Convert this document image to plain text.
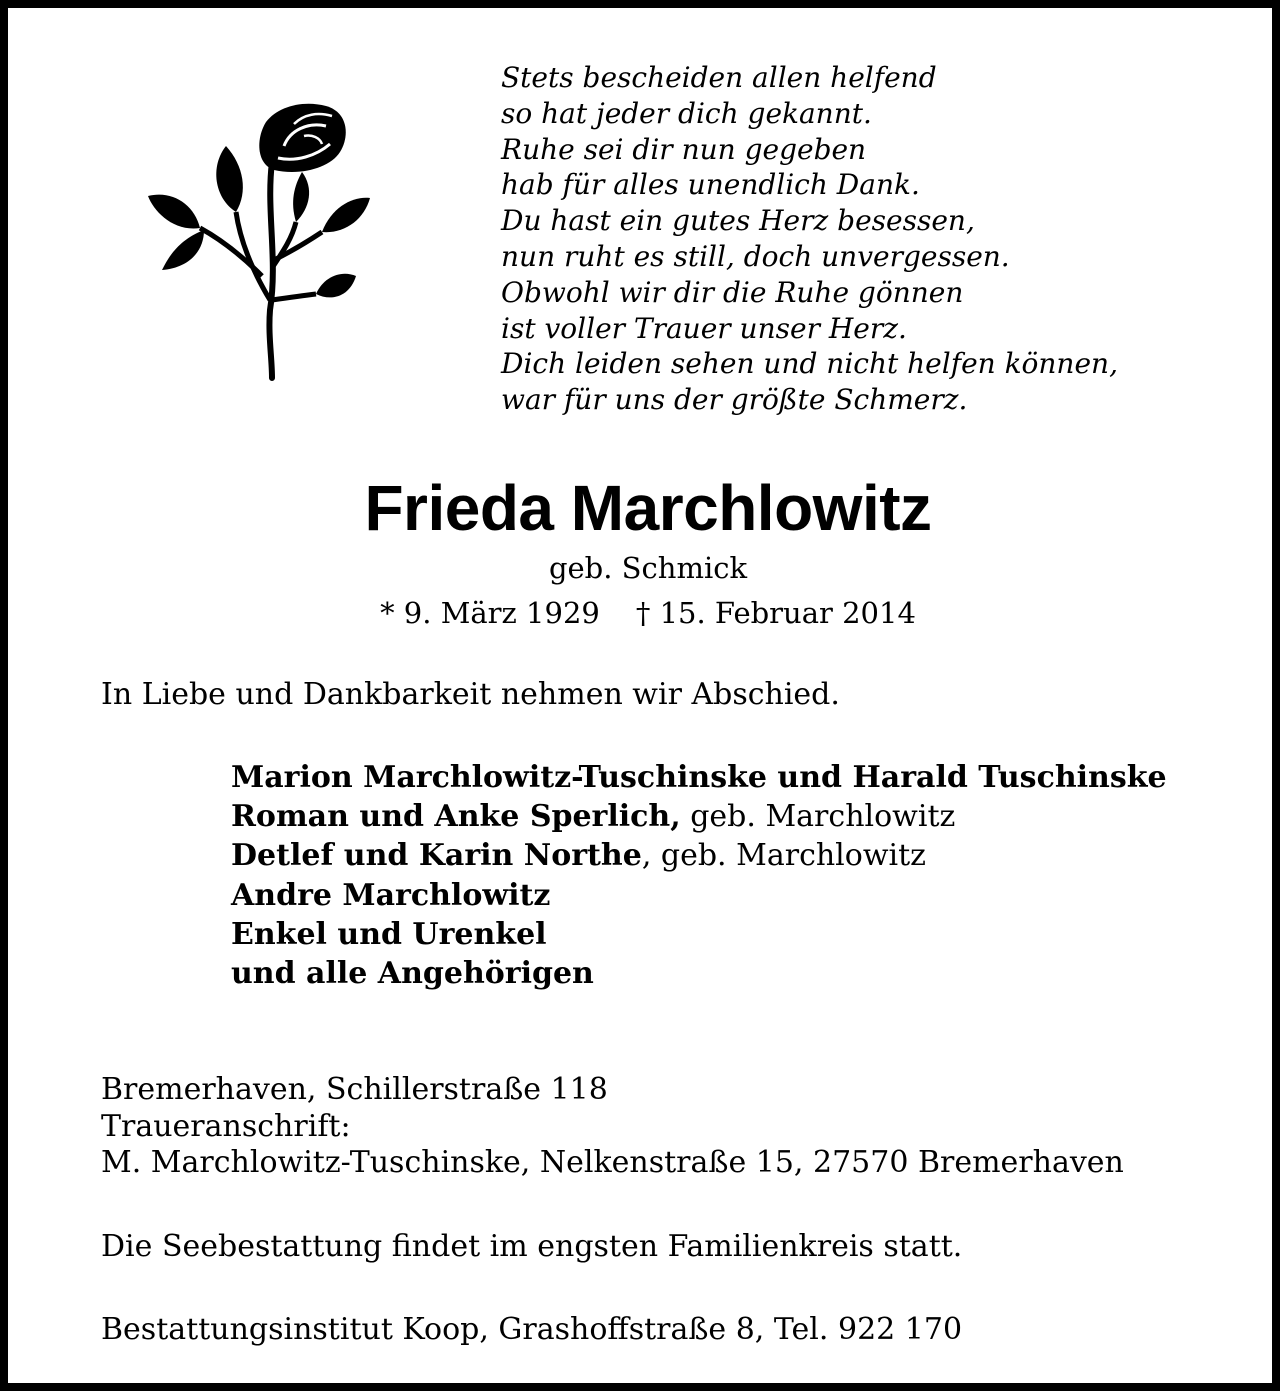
Stets bescheiden allen helfend
so hat jeder dich gekannt.
Ruhe sei dir nun gegeben
hab für alles unendlich Dank.
Du hast ein gutes Herz besessen,
nun ruht es still, doch unvergessen.
Obwohl wir dir die Ruhe gönnen
ist voller Trauer unser Herz.
Dich leiden sehen und nicht helfen können,
war für uns der größte Schmerz.
Frieda Marchlowitz
geb. Schmick
* 9. März 1929 † 15. Februar 2014
In Liebe und Dankbarkeit nehmen wir Abschied.
Marion Marchlowitz-Tuschinske und Harald Tuschinske
Roman und Anke Sperlich, geb. Marchlowitz
Detlef und Karin Northe, geb. Marchlowitz
Andre Marchlowitz
Enkel und Urenkel
und alle Angehörigen
Bremerhaven, Schillerstraße 118
Traueranschrift:
M. Marchlowitz-Tuschinske, Nelkenstraße 15, 27570 Bremerhaven
Die Seebestattung findet im engsten Familienkreis statt.
Bestattungsinstitut Koop, Grashoffstraße 8, Tel. 922 170
